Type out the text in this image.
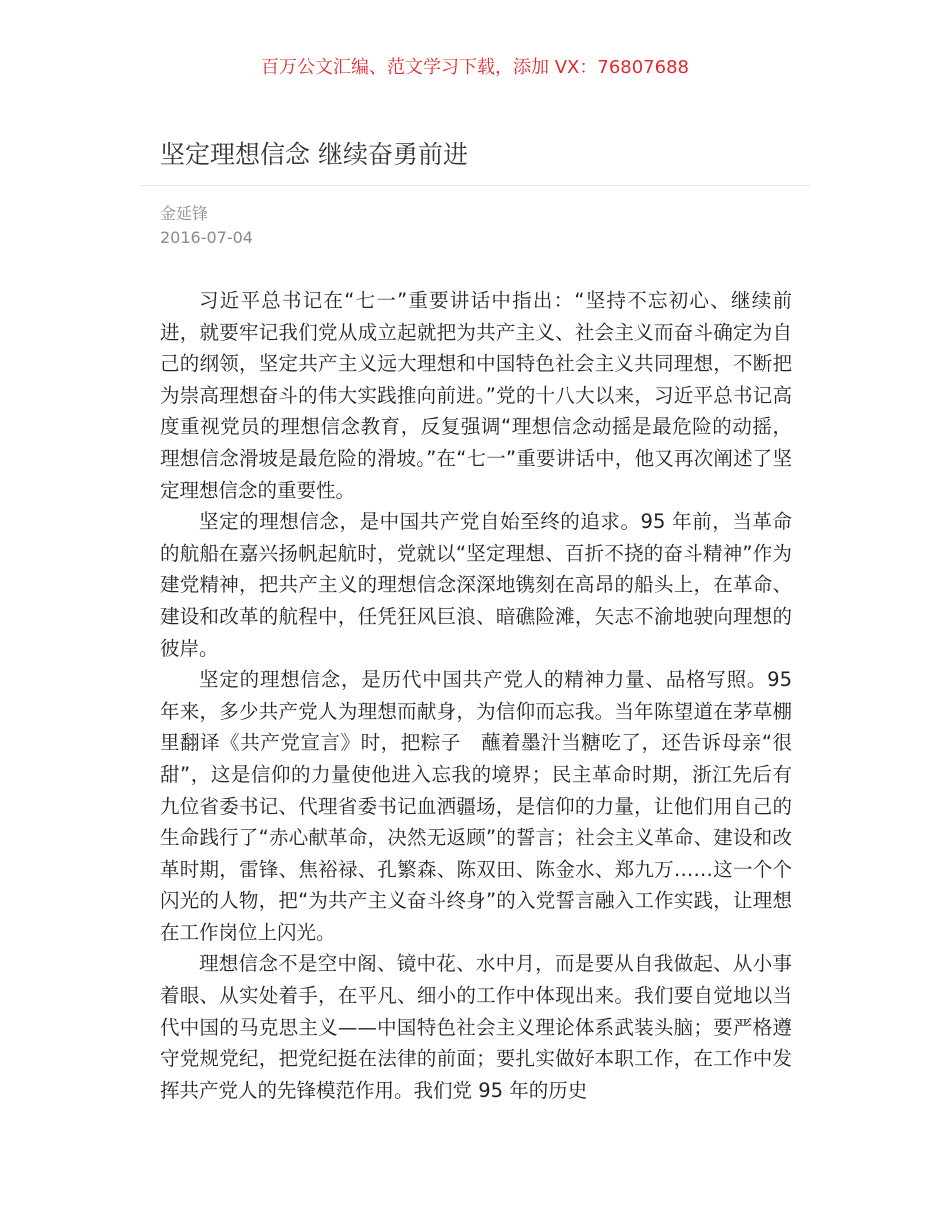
百万公文汇编、范文学习下载，添加 VX：76807688
坚定理想信念 继续奋勇前进
金延锋
2016-07-04

习近平总书记在“七一”重要讲话中指出：“坚持不忘初心、继续前进，就要牢记我们党从成立起就把为共产主义、社会主义而奋斗确定为自己的纲领，坚定共产主义远大理想和中国特色社会主义共同理想，不断把为崇高理想奋斗的伟大实践推向前进。”党的十八大以来，习近平总书记高度重视党员的理想信念教育，反复强调“理想信念动摇是最危险的动摇，理想信念滑坡是最危险的滑坡。”在“七一”重要讲话中，他又再次阐述了坚定理想信念的重要性。

坚定的理想信念，是中国共产党自始至终的追求。95 年前，当革命的航船在嘉兴扬帆起航时，党就以“坚定理想、百折不挠的奋斗精神”作为建党精神，把共产主义的理想信念深深地镌刻在高昂的船头上，在革命、建设和改革的航程中，任凭狂风巨浪、暗礁险滩，矢志不渝地驶向理想的彼岸。

坚定的理想信念，是历代中国共产党人的精神力量、品格写照。95 年来，多少共产党人为理想而献身，为信仰而忘我。当年陈望道在茅草棚里翻译《共产党宣言》时，把粽子　蘸着墨汁当糖吃了，还告诉母亲“很甜”，这是信仰的力量使他进入忘我的境界；民主革命时期，浙江先后有九位省委书记、代理省委书记血洒疆场，是信仰的力量，让他们用自己的生命践行了“赤心献革命，决然无返顾”的誓言；社会主义革命、建设和改革时期，雷锋、焦裕禄、孔繁森、陈双田、陈金水、郑九万……这一个个闪光的人物，把“为共产主义奋斗终身”的入党誓言融入工作实践，让理想在工作岗位上闪光。

理想信念不是空中阁、镜中花、水中月，而是要从自我做起、从小事着眼、从实处着手，在平凡、细小的工作中体现出来。我们要自觉地以当代中国的马克思主义——中国特色社会主义理论体系武装头脑；要严格遵守党规党纪，把党纪挺在法律的前面；要扎实做好本职工作，在工作中发挥共产党人的先锋模范作用。我们党 95 年的历史
